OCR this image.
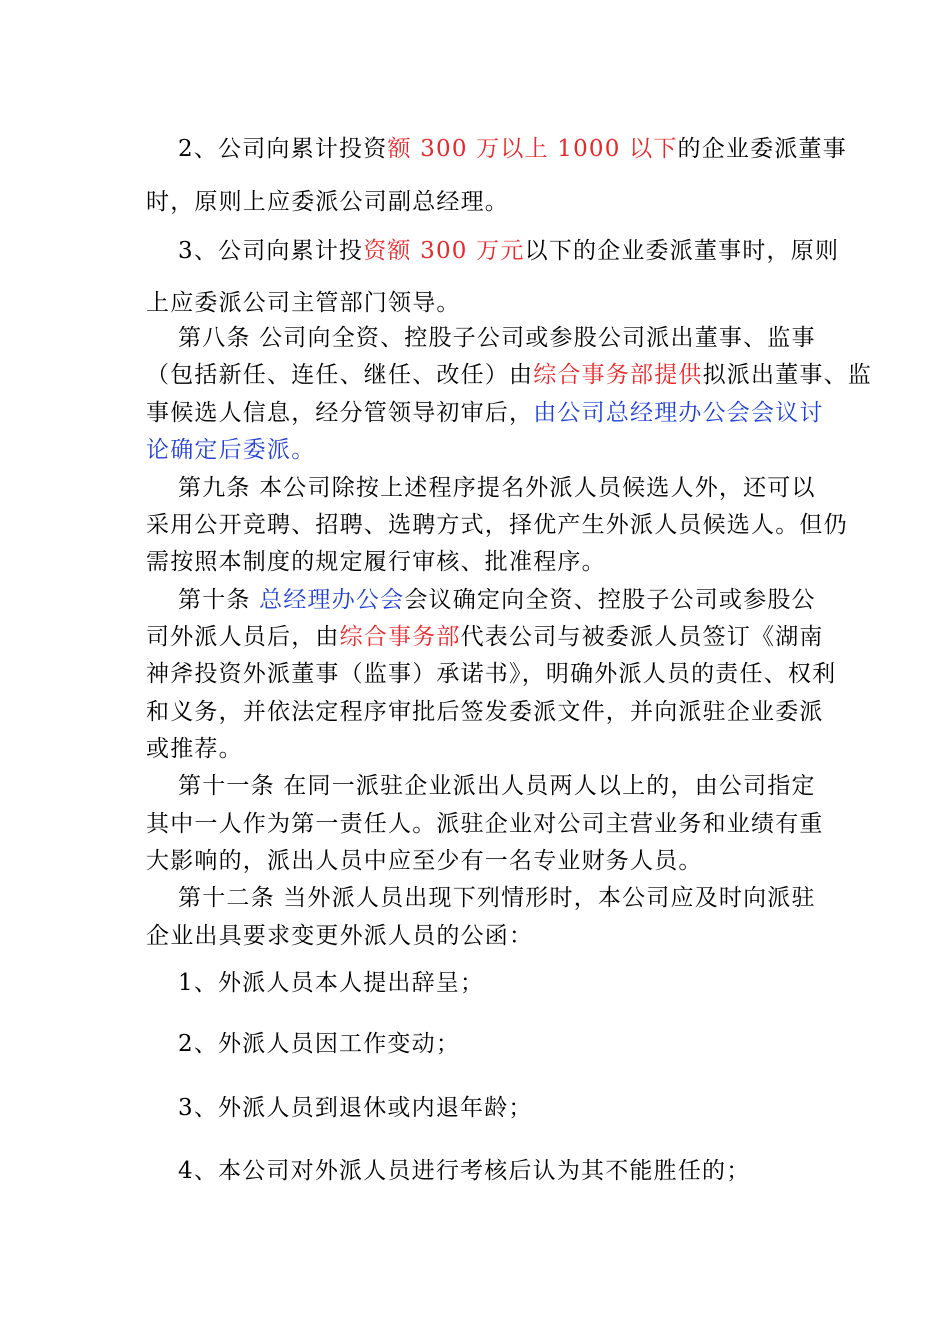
2、公司向累计投资额 300 万以上 1000 以下的企业委派董事
时，原则上应委派公司副总经理。
3、公司向累计投资额 300 万元以下的企业委派董事时，原则
上应委派公司主管部门领导。
第八条 公司向全资、控股子公司或参股公司派出董事、监事
（包括新任、连任、继任、改任）由综合事务部提供拟派出董事、监
事候选人信息，经分管领导初审后，由公司总经理办公会会议讨
论确定后委派。
第九条 本公司除按上述程序提名外派人员候选人外，还可以
采用公开竞聘、招聘、选聘方式，择优产生外派人员候选人。但仍
需按照本制度的规定履行审核、批准程序。
第十条 总经理办公会会议确定向全资、控股子公司或参股公
司外派人员后，由综合事务部代表公司与被委派人员签订《湖南
神斧投资外派董事（监事）承诺书》，明确外派人员的责任、权利
和义务，并依法定程序审批后签发委派文件，并向派驻企业委派
或推荐。
第十一条 在同一派驻企业派出人员两人以上的，由公司指定
其中一人作为第一责任人。派驻企业对公司主营业务和业绩有重
大影响的，派出人员中应至少有一名专业财务人员。
第十二条 当外派人员出现下列情形时，本公司应及时向派驻
企业出具要求变更外派人员的公函：
1、外派人员本人提出辞呈；
2、外派人员因工作变动；
3、外派人员到退休或内退年龄；
4、本公司对外派人员进行考核后认为其不能胜任的；
